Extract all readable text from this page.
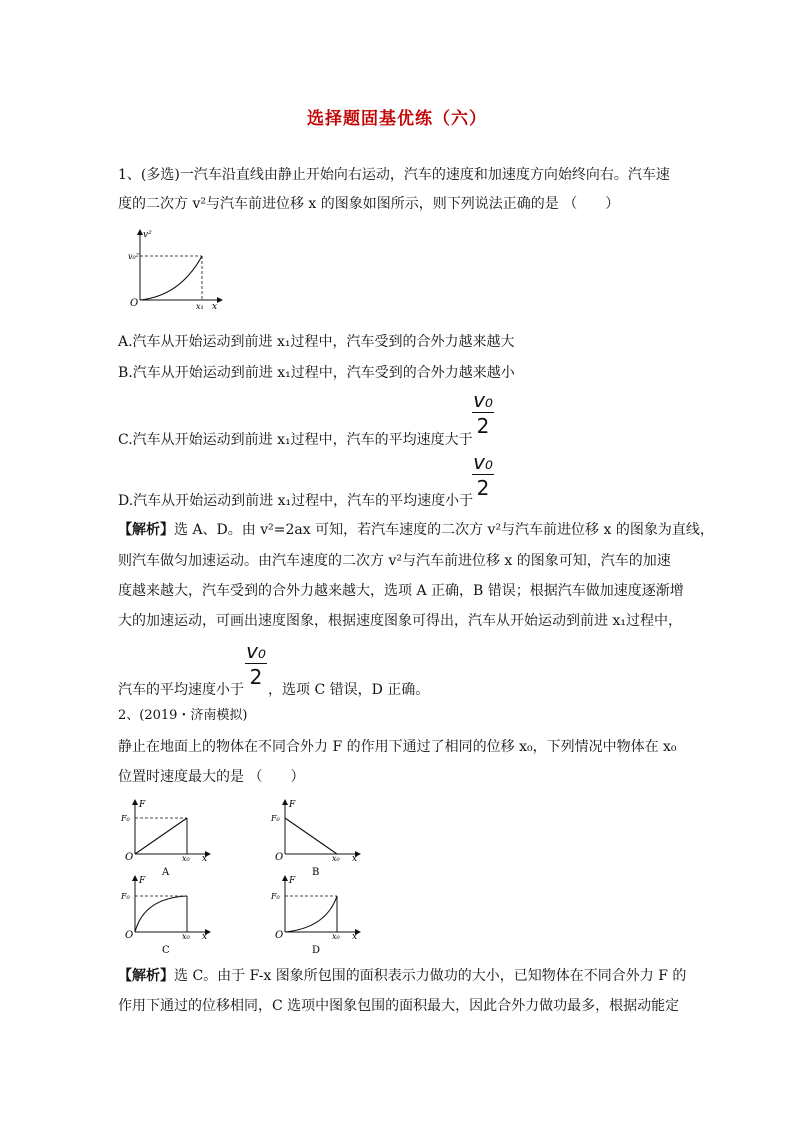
选择题固基优练（六）
1、(多选)一汽车沿直线由静止开始向右运动，汽车的速度和加速度方向始终向右。汽车速
度的二次方 v²与汽车前进位移 x 的图象如图所示，则下列说法正确的是 （　　）
v²
v₀²
O	x₁ x
A.汽车从开始运动到前进 x₁过程中，汽车受到的合外力越来越大
B.汽车从开始运动到前进 x₁过程中，汽车受到的合外力越来越小
C.汽车从开始运动到前进 x₁过程中，汽车的平均速度大于
v₀
2
D.汽车从开始运动到前进 x₁过程中，汽车的平均速度小于
v₀
2
【解析】选 A、D。由 v²=2ax 可知，若汽车速度的二次方 v²与汽车前进位移 x 的图象为直线，
则汽车做匀加速运动。由汽车速度的二次方 v²与汽车前进位移 x 的图象可知，汽车的加速
度越来越大，汽车受到的合外力越来越大，选项 A 正确，B 错误；根据汽车做加速度逐渐增
大的加速运动，可画出速度图象，根据速度图象可得出，汽车从开始运动到前进 x₁过程中，
汽车的平均速度小于
v₀
2
，选项 C 错误，D 正确。
2、(2019・济南模拟)
静止在地面上的物体在不同合外力 F 的作用下通过了相同的位移 x₀，下列情况中物体在 x₀
位置时速度最大的是 （　　）
F
F₀
O	x₀ x
A
F
F₀
O	x₀ x
B
F
F₀
O	x₀ x
C
F
F₀
O	x₀ x
D
【解析】选 C。由于 F-x 图象所包围的面积表示力做功的大小，已知物体在不同合外力 F 的
作用下通过的位移相同，C 选项中图象包围的面积最大，因此合外力做功最多，根据动能定
